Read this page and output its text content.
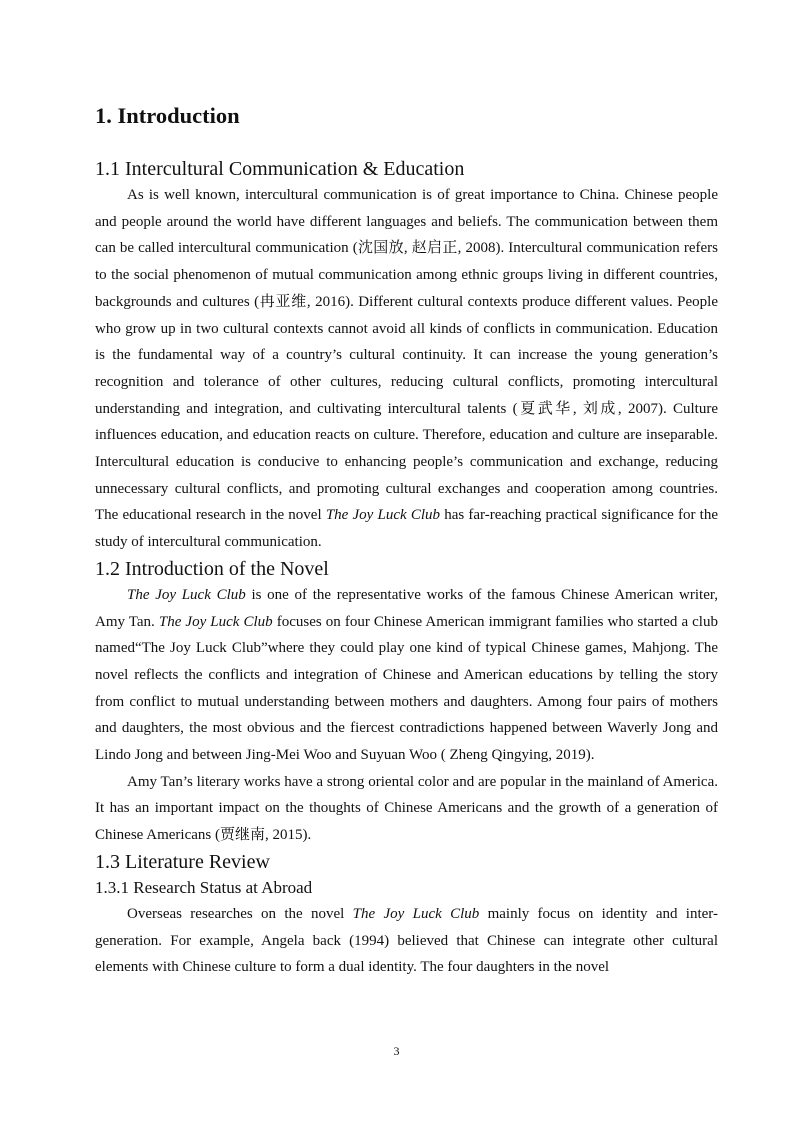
1. Introduction
1.1 Intercultural Communication & Education

As is well known, intercultural communication is of great importance to China. Chinese people and people around the world have different languages and beliefs. The communication between them can be called intercultural communication (沈国放, 赵启正, 2008). Intercultural communication refers to the social phenomenon of mutual communication among ethnic groups living in different countries, backgrounds and cultures (冉亚维, 2016). Different cultural contexts produce different values. People who grow up in two cultural contexts cannot avoid all kinds of conflicts in communication. Education is the fundamental way of a country’s cultural continuity. It can increase the young generation’s recognition and tolerance of other cultures, reducing cultural conflicts, promoting intercultural understanding and integration, and cultivating intercultural talents (夏武华, 刘成, 2007). Culture influences education, and education reacts on culture. Therefore, education and culture are inseparable. Intercultural education is conducive to enhancing people’s communication and exchange, reducing unnecessary cultural conflicts, and promoting cultural exchanges and cooperation among countries. The educational research in the novel The Joy Luck Club has far-reaching practical significance for the study of intercultural communication.

1.2 Introduction of the Novel

The Joy Luck Club is one of the representative works of the famous Chinese American writer, Amy Tan. The Joy Luck Club focuses on four Chinese American immigrant families who started a club named“The Joy Luck Club”where they could play one kind of typical Chinese games, Mahjong. The novel reflects the conflicts and integration of Chinese and American educations by telling the story from conflict to mutual understanding between mothers and daughters. Among four pairs of mothers and daughters, the most obvious and the fiercest contradictions happened between Waverly Jong and Lindo Jong and between Jing-Mei Woo and Suyuan Woo ( Zheng Qingying, 2019).

Amy Tan’s literary works have a strong oriental color and are popular in the mainland of America. It has an important impact on the thoughts of Chinese Americans and the growth of a generation of Chinese Americans (贾继南, 2015).

1.3 Literature Review
1.3.1 Research Status at Abroad

Overseas researches on the novel The Joy Luck Club mainly focus on identity and inter-generation. For example, Angela back (1994) believed that Chinese can integrate other cultural elements with Chinese culture to form a dual identity. The four daughters in the novel

3
